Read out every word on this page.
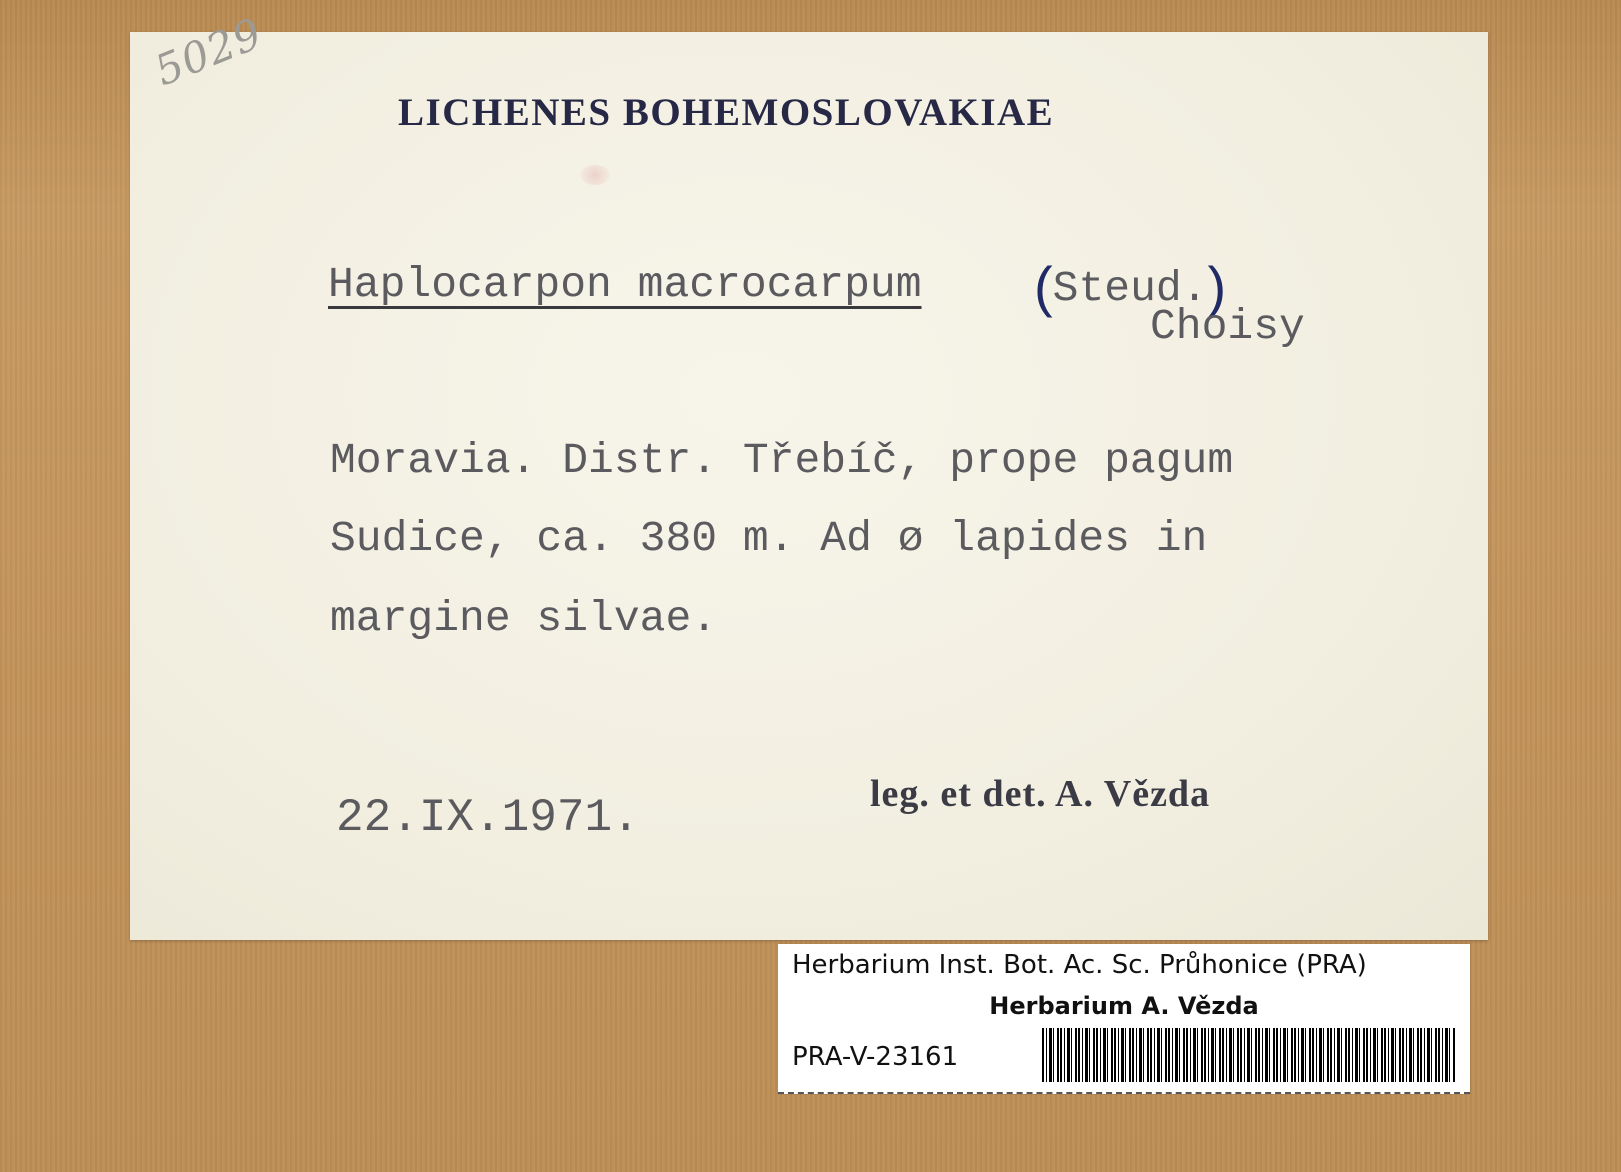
5029
LICHENES BOHEMOSLOVAKIAE
Haplocarpon macrocarpum (Steud.)
Choisy
Moravia. Distr. Třebíč, prope pagum
Sudice, ca. 380 m. Ad ø lapides in
margine silvae.
22.IX.1971.	leg. et det. A. Vězda
Herbarium Inst. Bot. Ac. Sc. Průhonice (PRA)
Herbarium A. Vězda
PRA-V-23161
